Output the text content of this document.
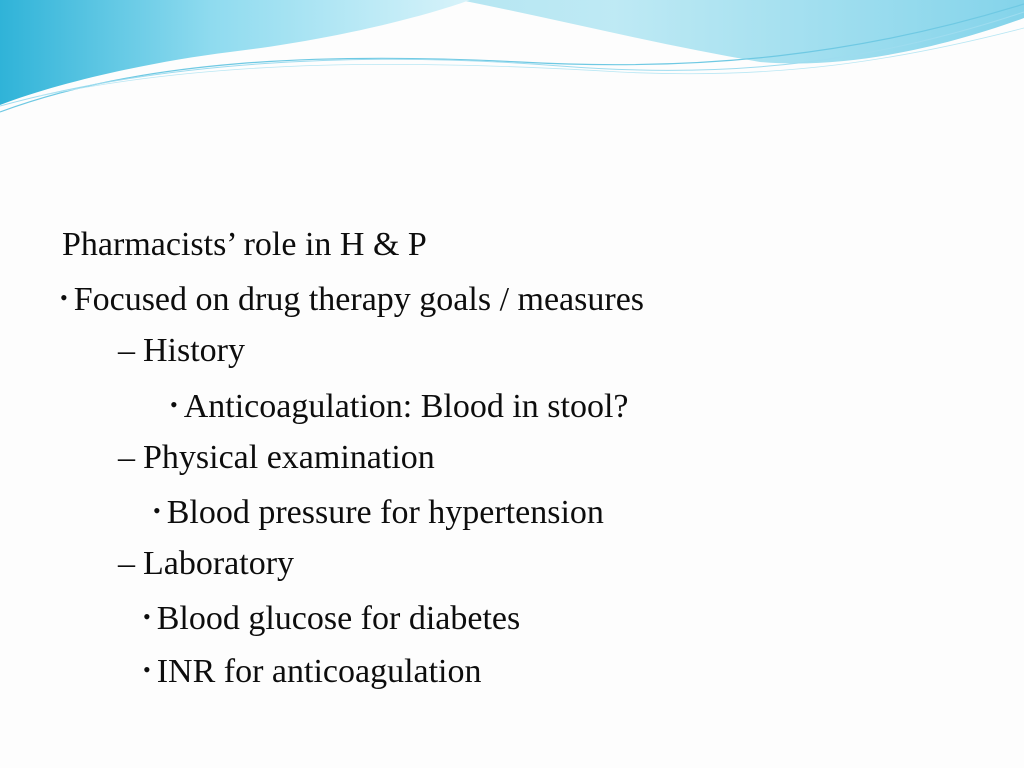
Pharmacists’ role in H & P
• Focused on drug therapy goals / measures
– History
• Anticoagulation: Blood in stool?
– Physical examination
• Blood pressure for hypertension
– Laboratory
• Blood glucose for diabetes
• INR for anticoagulation
